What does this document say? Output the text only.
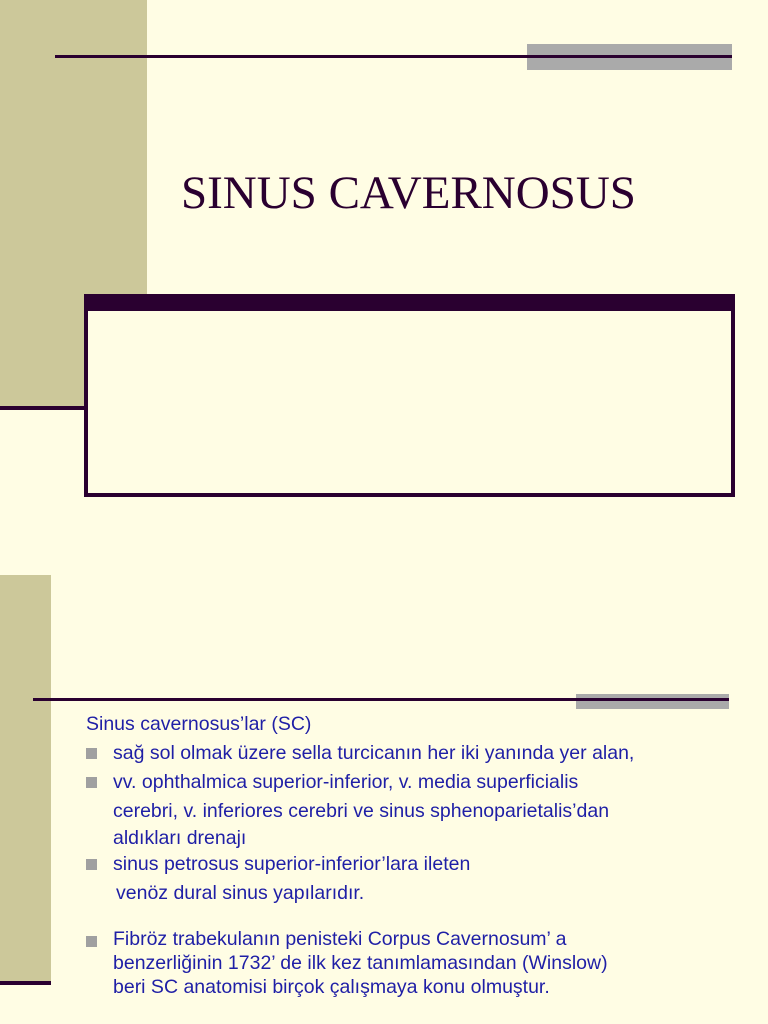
SINUS CAVERNOSUS

Sinus cavernosus’lar (SC)

sağ sol olmak üzere sella turcicanın her iki yanında yer alan,

vv. ophthalmica superior-inferior, v. media superficialis

cerebri, v. inferiores cerebri ve sinus sphenoparietalis’dan

aldıkları drenajı

sinus petrosus superior-inferior’lara ileten

venöz dural sinus yapılarıdır.

Fibröz trabekulanın penisteki Corpus Cavernosum’ a

benzerliğinin 1732’ de ilk kez tanımlamasından (Winslow)

beri SC anatomisi birçok çalışmaya konu olmuştur.
